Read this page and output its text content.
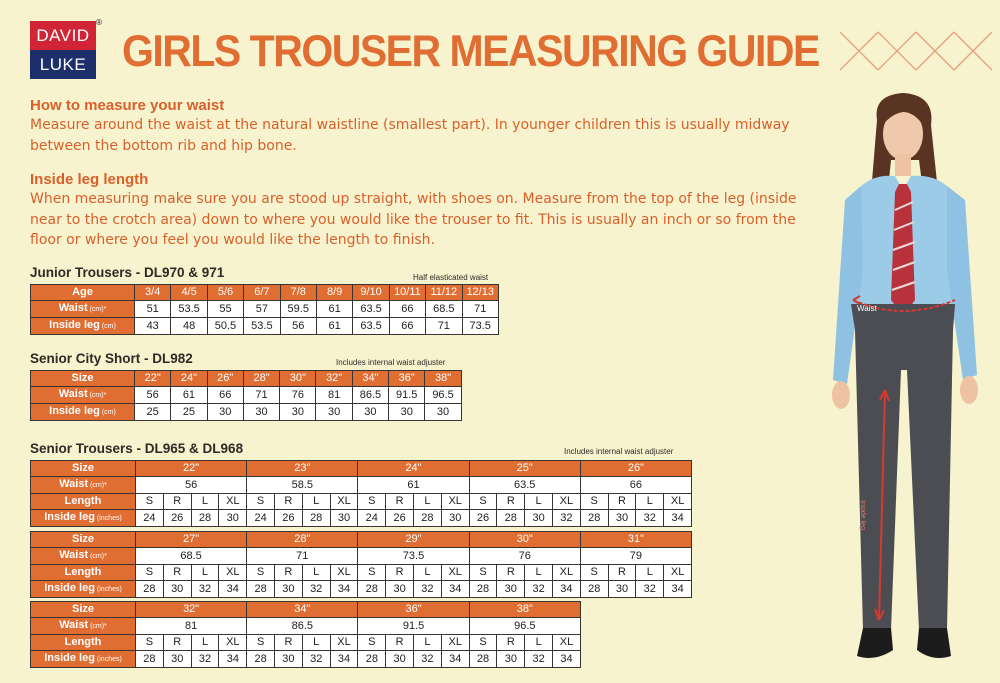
DAVID
LUKE
®
GIRLS TROUSER MEASURING GUIDE
How to measure your waist
Measure around the waist at the natural waistline (smallest part). In younger children this is usually midway between the bottom rib and hip bone.
Inside leg length
When measuring make sure you are stood up straight, with shoes on. Measure from the top of the leg (inside near to the crotch area) down to where you would like the trouser to fit. This is usually an inch or so from the floor or where you feel you would like the length to finish.
Junior Trousers - DL970 & 971	Half elasticated waist
Age	3/4	4/5	5/6	6/7	7/8	8/9	9/10	10/11	11/12	12/13
Waist (cm)*	51	53.5	55	57	59.5	61	63.5	66	68.5	71
Inside leg (cm)	43	48	50.5	53.5	56	61	63.5	66	71	73.5
Senior City Short - DL982	Includes internal waist adjuster
Size	22"	24"	26"	28"	30"	32"	34"	36"	38"
Waist (cm)*	56	61	66	71	76	81	86.5	91.5	96.5
Inside leg (cm)	25	25	30	30	30	30	30	30	30
Senior Trousers - DL965 & DL968	Includes internal waist adjuster
Size	22"				23"				24"				25"				26"			
Waist (cm)*	56				58.5				61				63.5				66			
Length	S	R	L	XL	S	R	L	XL	S	R	L	XL	S	R	L	XL	S	R	L	XL
Inside leg (inches)	24	26	28	30	24	26	28	30	24	26	28	30	26	28	30	32	28	30	32	34
Size	27"				28"				29"				30"				31"			
Waist (cm)*	68.5				71				73.5				76				79			
Length	S	R	L	XL	S	R	L	XL	S	R	L	XL	S	R	L	XL	S	R	L	XL
Inside leg (inches)	28	30	32	34	28	30	32	34	28	30	32	34	28	30	32	34	28	30	32	34
Size	32"				34"				36"				38"			
Waist (cm)*	81				86.5				91.5				96.5			
Length	S	R	L	XL	S	R	L	XL	S	R	L	XL	S	R	L	XL
Inside leg (inches)	28	30	32	34	28	30	32	34	28	30	32	34	28	30	32	34
Waist
Inside leg
